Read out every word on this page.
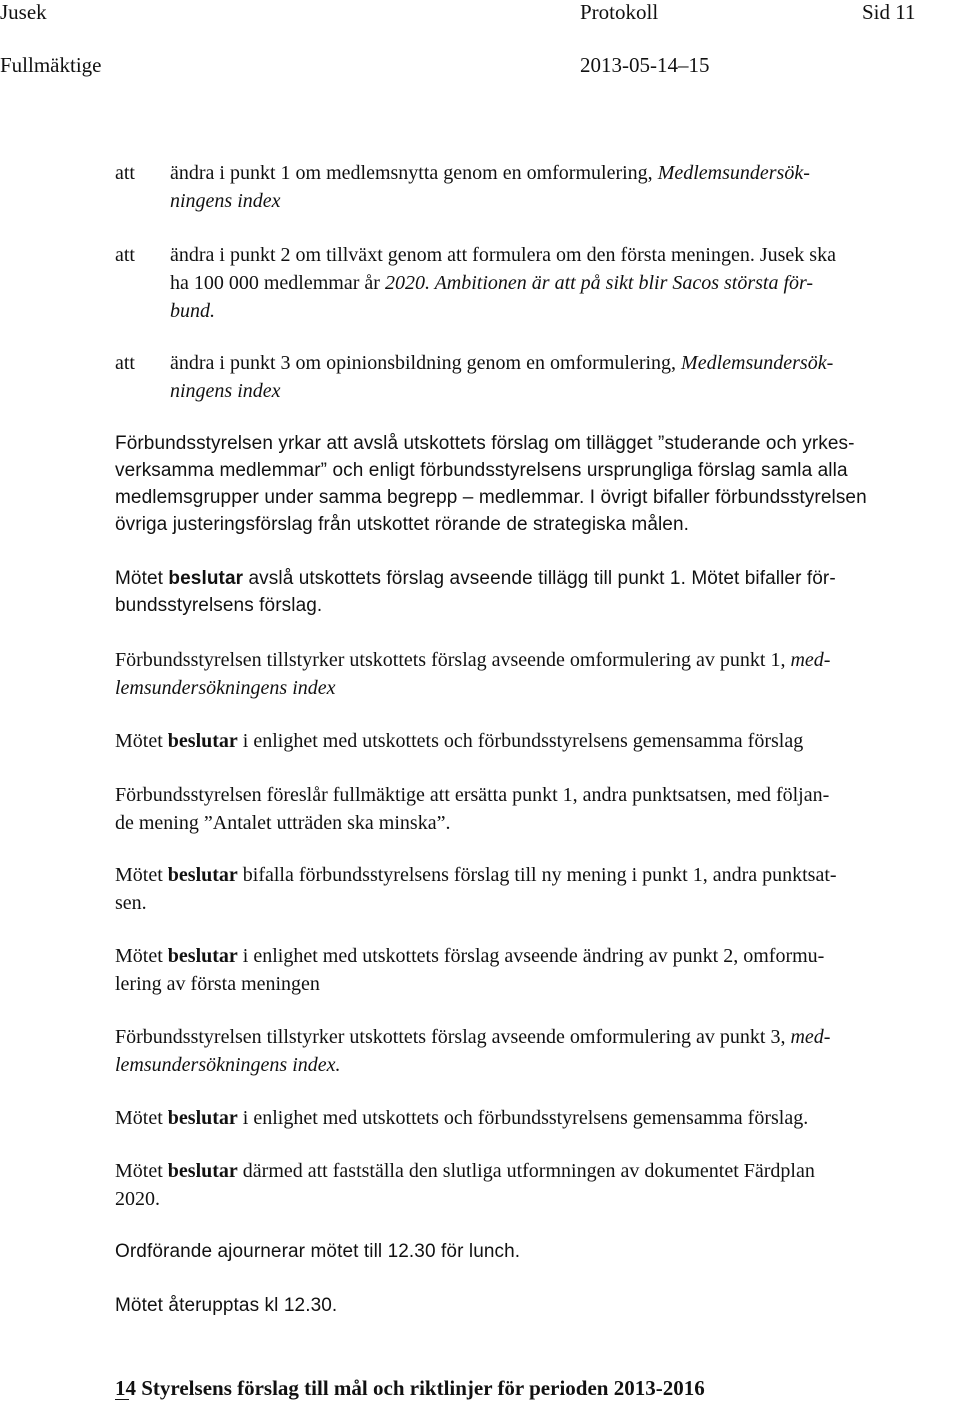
Jusek	Protokoll	Sid 11
Fullmäktige	2013-05-14–15
att ändra i punkt 1 om medlemsnytta genom en omformulering, Medlemsundersök-
ningens index
att ändra i punkt 2 om tillväxt genom att formulera om den första meningen. Jusek ska
ha 100 000 medlemmar år 2020. Ambitionen är att på sikt blir Sacos största för-
bund.
att ändra i punkt 3 om opinionsbildning genom en omformulering, Medlemsundersök-
ningens index
Förbundsstyrelsen yrkar att avslå utskottets förslag om tillägget ”studerande och yrkes-
verksamma medlemmar” och enligt förbundsstyrelsens ursprungliga förslag samla alla
medlemsgrupper under samma begrepp – medlemmar. I övrigt bifaller förbundsstyrelsen
övriga justeringsförslag från utskottet rörande de strategiska målen.
Mötet beslutar avslå utskottets förslag avseende tillägg till punkt 1. Mötet bifaller för-
bundsstyrelsens förslag.
Förbundsstyrelsen tillstyrker utskottets förslag avseende omformulering av punkt 1, med-
lemsundersökningens index
Mötet beslutar i enlighet med utskottets och förbundsstyrelsens gemensamma förslag
Förbundsstyrelsen föreslår fullmäktige att ersätta punkt 1, andra punktsatsen, med följan-
de mening ”Antalet utträden ska minska”.
Mötet beslutar bifalla förbundsstyrelsens förslag till ny mening i punkt 1, andra punktsat-
sen.
Mötet beslutar i enlighet med utskottets förslag avseende ändring av punkt 2, omformu-
lering av första meningen
Förbundsstyrelsen tillstyrker utskottets förslag avseende omformulering av punkt 3, med-
lemsundersökningens index.
Mötet beslutar i enlighet med utskottets och förbundsstyrelsens gemensamma förslag.
Mötet beslutar därmed att fastställa den slutliga utformningen av dokumentet Färdplan
2020.
Ordförande ajournerar mötet till 12.30 för lunch.
Mötet återupptas kl 12.30.
14 Styrelsens förslag till mål och riktlinjer för perioden 2013-2016
